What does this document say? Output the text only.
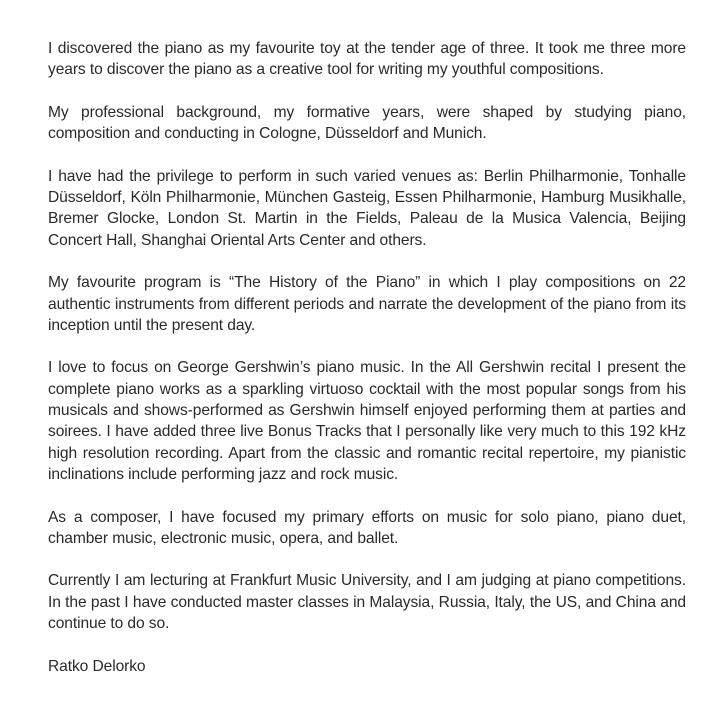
I discovered the piano as my favourite toy at the tender age of three. It took me three more years to discover the piano as a creative tool for writing my youthful compositions.

My professional background, my formative years, were shaped by studying piano, composition and conducting in Cologne, Düsseldorf and Munich.

I have had the privilege to perform in such varied venues as: Berlin Philharmonie, Tonhalle Düsseldorf, Köln Philharmonie, München Gasteig, Essen Philharmonie, Hamburg Musikhalle, Bremer Glocke, London St. Martin in the Fields, Paleau de la Musica Valencia, Beijing Concert Hall, Shanghai Oriental Arts Center and others.

My favourite program is “The History of the Piano” in which I play compositions on 22 authentic instruments from different periods and narrate the development of the piano from its inception until the present day.

I love to focus on George Gershwin’s piano music. In the All Gershwin recital I present the complete piano works as a sparkling virtuoso cocktail with the most popular songs from his musicals and shows-performed as Gershwin himself enjoyed performing them at parties and soirees. I have added three live Bonus Tracks that I personally like very much to this 192 kHz high resolution recording. Apart from the classic and romantic recital repertoire, my pianistic inclinations include performing jazz and rock music.

As a composer, I have focused my primary efforts on music for solo piano, piano duet, chamber music, electronic music, opera, and ballet.

Currently I am lecturing at Frankfurt Music University, and I am judging at piano competitions. In the past I have conducted master classes in Malaysia, Russia, Italy, the US, and China and continue to do so.

Ratko Delorko
